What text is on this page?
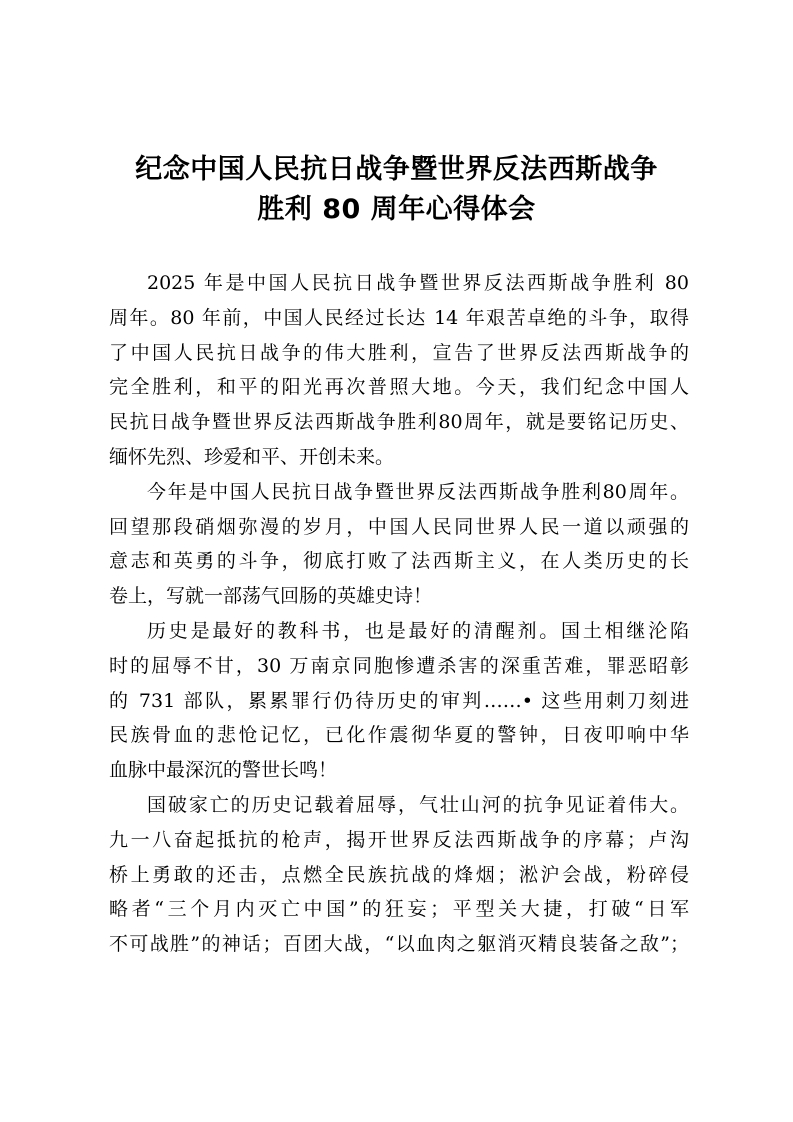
纪念中国人民抗日战争暨世界反法西斯战争
胜利 80 周年心得体会
2025 年是中国人民抗日战争暨世界反法西斯战争胜利 80
周年。80 年前，中国人民经过长达 14 年艰苦卓绝的斗争，取得
了中国人民抗日战争的伟大胜利，宣告了世界反法西斯战争的
完全胜利，和平的阳光再次普照大地。今天，我们纪念中国人
民抗日战争暨世界反法西斯战争胜利80周年，就是要铭记历史、
缅怀先烈、珍爱和平、开创未来。
今年是中国人民抗日战争暨世界反法西斯战争胜利80周年。
回望那段硝烟弥漫的岁月，中国人民同世界人民一道以顽强的
意志和英勇的斗争，彻底打败了法西斯主义，在人类历史的长
卷上，写就一部荡气回肠的英雄史诗！
历史是最好的教科书，也是最好的清醒剂。国土相继沦陷
时的屈辱不甘，30 万南京同胞惨遭杀害的深重苦难，罪恶昭彰
的 731 部队，累累罪行仍待历史的审判……• 这些用刺刀刻进
民族骨血的悲怆记忆，已化作震彻华夏的警钟，日夜叩响中华
血脉中最深沉的警世长鸣！
国破家亡的历史记载着屈辱，气壮山河的抗争见证着伟大。
九一八奋起抵抗的枪声，揭开世界反法西斯战争的序幕；卢沟
桥上勇敢的还击，点燃全民族抗战的烽烟；淞沪会战，粉碎侵
略者“三个月内灭亡中国”的狂妄；平型关大捷，打破“日军
不可战胜”的神话；百团大战，“以血肉之躯消灭精良装备之敌”；
